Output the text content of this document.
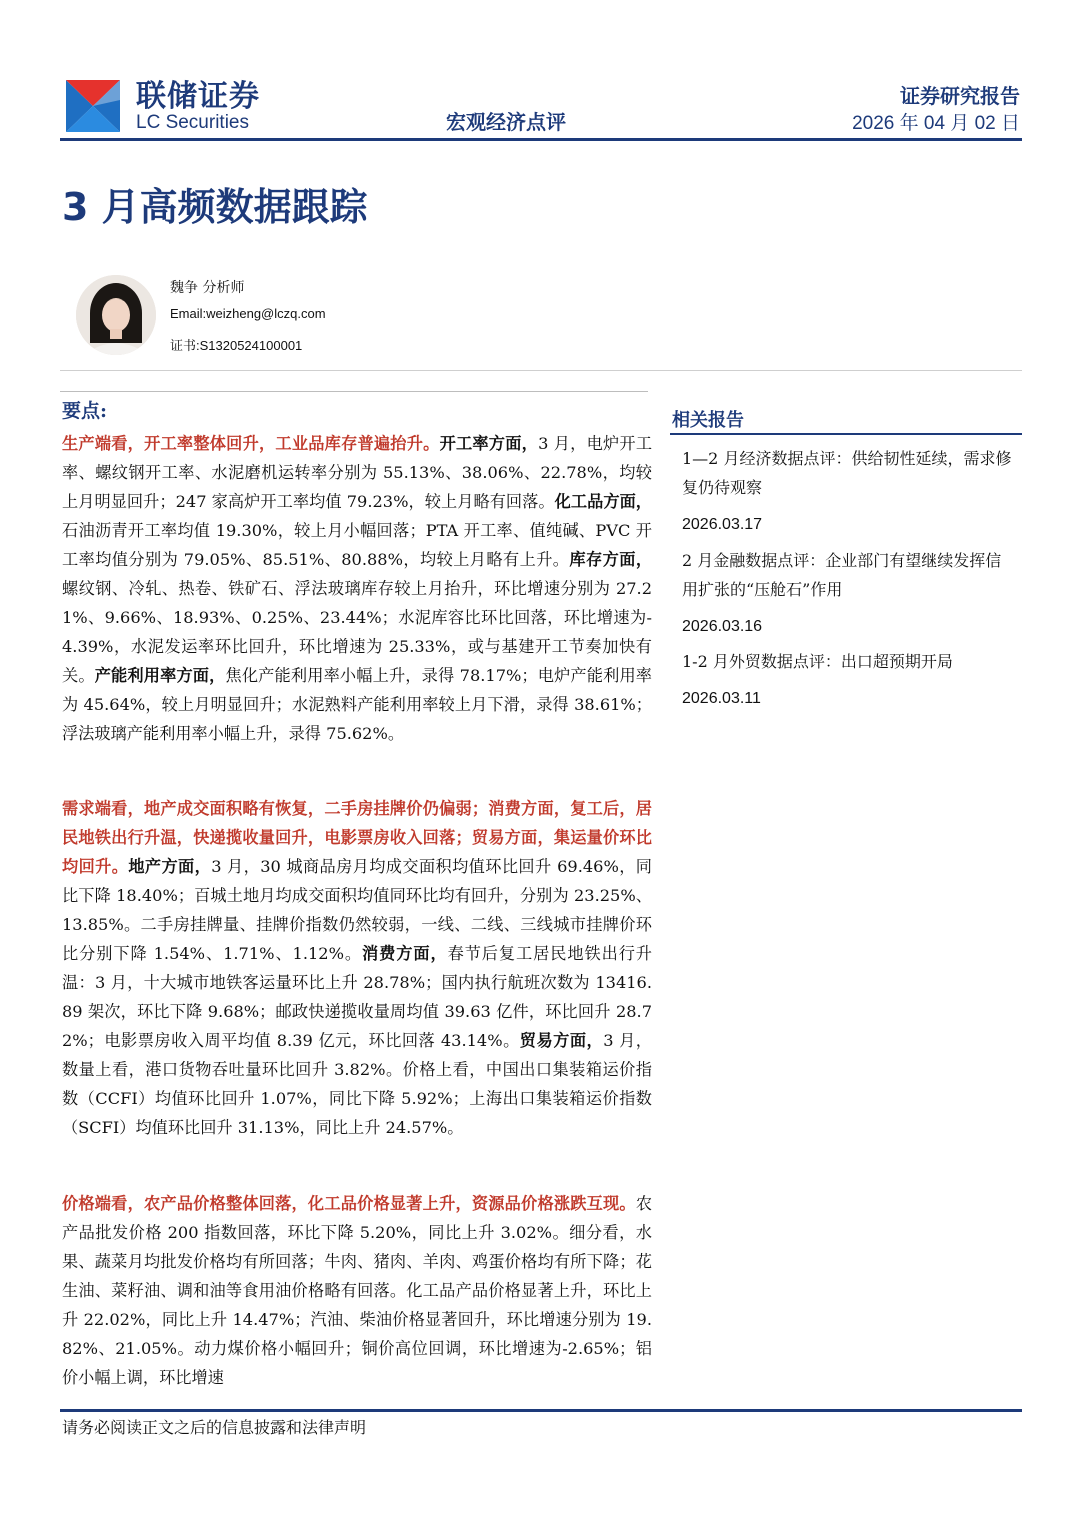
联储证券
LC Securities	宏观经济点评
证券研究报告
2026 年 04 月 02 日
3 月高频数据跟踪
魏争 分析师
Email:weizheng@lczq.com
证书:S1320524100001
要点:
生产端看，开工率整体回升，工业品库存普遍抬升。开工率方面，3 月，电炉开工率、螺纹钢开工率、水泥磨机运转率分别为 55.13%、38.06%、22.78%，均较上月明显回升；247 家高炉开工率均值 79.23%，较上月略有回落。化工品方面，石油沥青开工率均值 19.30%，较上月小幅回落；PTA 开工率、值纯碱、PVC 开工率均值分别为 79.05%、85.51%、80.88%，均较上月略有上升。库存方面，螺纹钢、冷轧、热卷、铁矿石、浮法玻璃库存较上月抬升，环比增速分别为 27.21%、9.66%、18.93%、0.25%、23.44%；水泥库容比环比回落，环比增速为-4.39%，水泥发运率环比回升，环比增速为 25.33%，或与基建开工节奏加快有关。产能利用率方面，焦化产能利用率小幅上升，录得 78.17%；电炉产能利用率为 45.64%，较上月明显回升；水泥熟料产能利用率较上月下滑，录得 38.61%；浮法玻璃产能利用率小幅上升，录得 75.62%。
需求端看，地产成交面积略有恢复，二手房挂牌价仍偏弱；消费方面，复工后，居民地铁出行升温，快递揽收量回升，电影票房收入回落；贸易方面，集运量价环比均回升。地产方面，3 月，30 城商品房月均成交面积均值环比回升 69.46%，同比下降 18.40%；百城土地月均成交面积均值同环比均有回升，分别为 23.25%、13.85%。二手房挂牌量、挂牌价指数仍然较弱，一线、二线、三线城市挂牌价环比分别下降 1.54%、1.71%、1.12%。消费方面，春节后复工居民地铁出行升温：3 月，十大城市地铁客运量环比上升 28.78%；国内执行航班次数为 13416.89 架次，环比下降 9.68%；邮政快递揽收量周均值 39.63 亿件，环比回升 28.72%；电影票房收入周平均值 8.39 亿元，环比回落 43.14%。贸易方面，3 月，数量上看，港口货物吞吐量环比回升 3.82%。价格上看，中国出口集装箱运价指数（CCFI）均值环比回升 1.07%，同比下降 5.92%；上海出口集装箱运价指数（SCFI）均值环比回升 31.13%，同比上升 24.57%。
价格端看，农产品价格整体回落，化工品价格显著上升，资源品价格涨跌互现。农产品批发价格 200 指数回落，环比下降 5.20%，同比上升 3.02%。细分看，水果、蔬菜月均批发价格均有所回落；牛肉、猪肉、羊肉、鸡蛋价格均有所下降；花生油、菜籽油、调和油等食用油价格略有回落。化工品产品价格显著上升，环比上升 22.02%，同比上升 14.47%；汽油、柴油价格显著回升，环比增速分别为 19.82%、21.05%。动力煤价格小幅回升；铜价高位回调，环比增速为-2.65%；铝价小幅上调，环比增速
相关报告
1—2 月经济数据点评：供给韧性延续，需求修复仍待观察
2026.03.17
2 月金融数据点评：企业部门有望继续发挥信用扩张的“压舱石”作用
2026.03.16
1-2 月外贸数据点评：出口超预期开局
2026.03.11
请务必阅读正文之后的信息披露和法律声明
